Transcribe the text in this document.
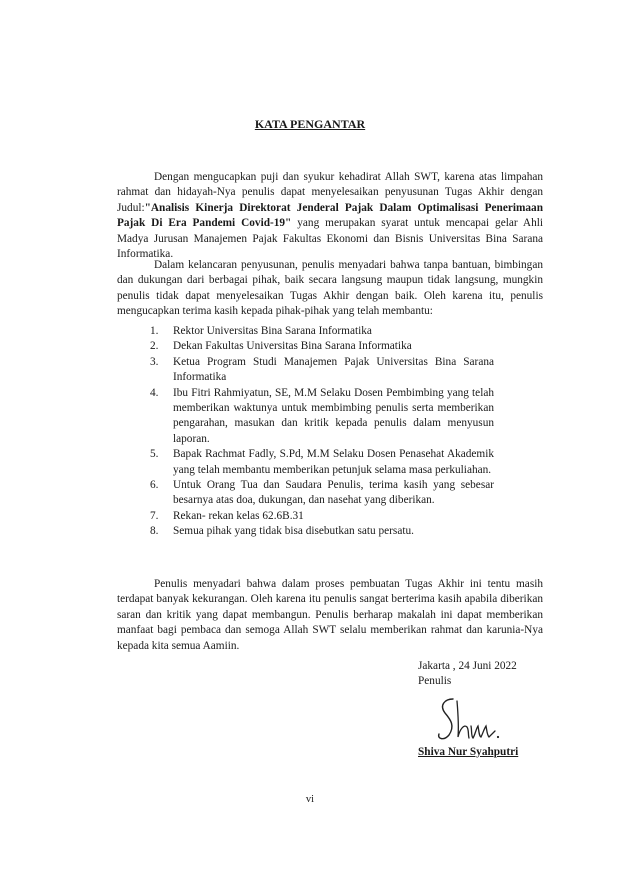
KATA PENGANTAR
Dengan mengucapkan puji dan syukur kehadirat Allah SWT, karena atas limpahan rahmat dan hidayah-Nya penulis dapat menyelesaikan penyusunan Tugas Akhir dengan Judul:"Analisis Kinerja Direktorat Jenderal Pajak Dalam Optimalisasi Penerimaan Pajak Di Era Pandemi Covid-19" yang merupakan syarat untuk mencapai gelar Ahli Madya Jurusan Manajemen Pajak Fakultas Ekonomi dan Bisnis Universitas Bina Sarana Informatika.
Dalam kelancaran penyusunan, penulis menyadari bahwa tanpa bantuan, bimbingan dan dukungan dari berbagai pihak, baik secara langsung maupun tidak langsung, mungkin penulis tidak dapat menyelesaikan Tugas Akhir dengan baik. Oleh karena itu, penulis mengucapkan terima kasih kepada pihak-pihak yang telah membantu:
1.	Rektor Universitas Bina Sarana Informatika
2.	Dekan Fakultas Universitas Bina Sarana Informatika
3.	Ketua Program Studi Manajemen Pajak Universitas Bina Sarana Informatika
4.	Ibu Fitri Rahmiyatun, SE, M.M Selaku Dosen Pembimbing yang telah memberikan waktunya untuk membimbing penulis serta memberikan pengarahan, masukan dan kritik kepada penulis dalam menyusun laporan.
5.	Bapak Rachmat Fadly, S.Pd, M.M Selaku Dosen Penasehat Akademik yang telah membantu memberikan petunjuk selama masa perkuliahan.
6.	Untuk Orang Tua dan Saudara Penulis, terima kasih yang sebesar besarnya atas doa, dukungan, dan nasehat yang diberikan.
7.	Rekan- rekan kelas 62.6B.31
8.	Semua pihak yang tidak bisa disebutkan satu persatu.
Penulis menyadari bahwa dalam proses pembuatan Tugas Akhir ini tentu masih terdapat banyak kekurangan. Oleh karena itu penulis sangat berterima kasih apabila diberikan saran dan kritik yang dapat membangun. Penulis berharap makalah ini dapat memberikan manfaat bagi pembaca dan semoga Allah SWT selalu memberikan rahmat dan karunia-Nya kepada kita semua Aamiin.
Jakarta , 24 Juni 2022
Penulis
Shiva Nur Syahputri
vi
